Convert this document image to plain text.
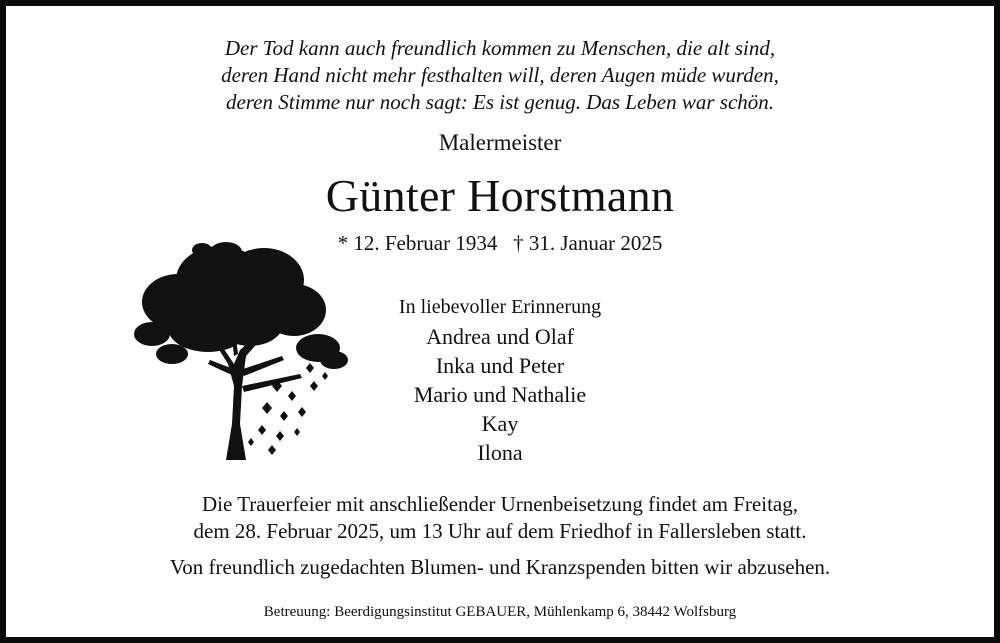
Der Tod kann auch freundlich kommen zu Menschen, die alt sind,
deren Hand nicht mehr festhalten will, deren Augen müde wurden,
deren Stimme nur noch sagt: Es ist genug. Das Leben war schön.
Malermeister
Günter Horstmann
* 12. Februar 1934   † 31. Januar 2025
In liebevoller Erinnerung
Andrea und Olaf
Inka und Peter
Mario und Nathalie
Kay
Ilona
Die Trauerfeier mit anschließender Urnenbeisetzung findet am Freitag,
dem 28. Februar 2025, um 13 Uhr auf dem Friedhof in Fallersleben statt.
Von freundlich zugedachten Blumen- und Kranzspenden bitten wir abzusehen.
Betreuung: Beerdigungsinstitut GEBAUER, Mühlenkamp 6, 38442 Wolfsburg
